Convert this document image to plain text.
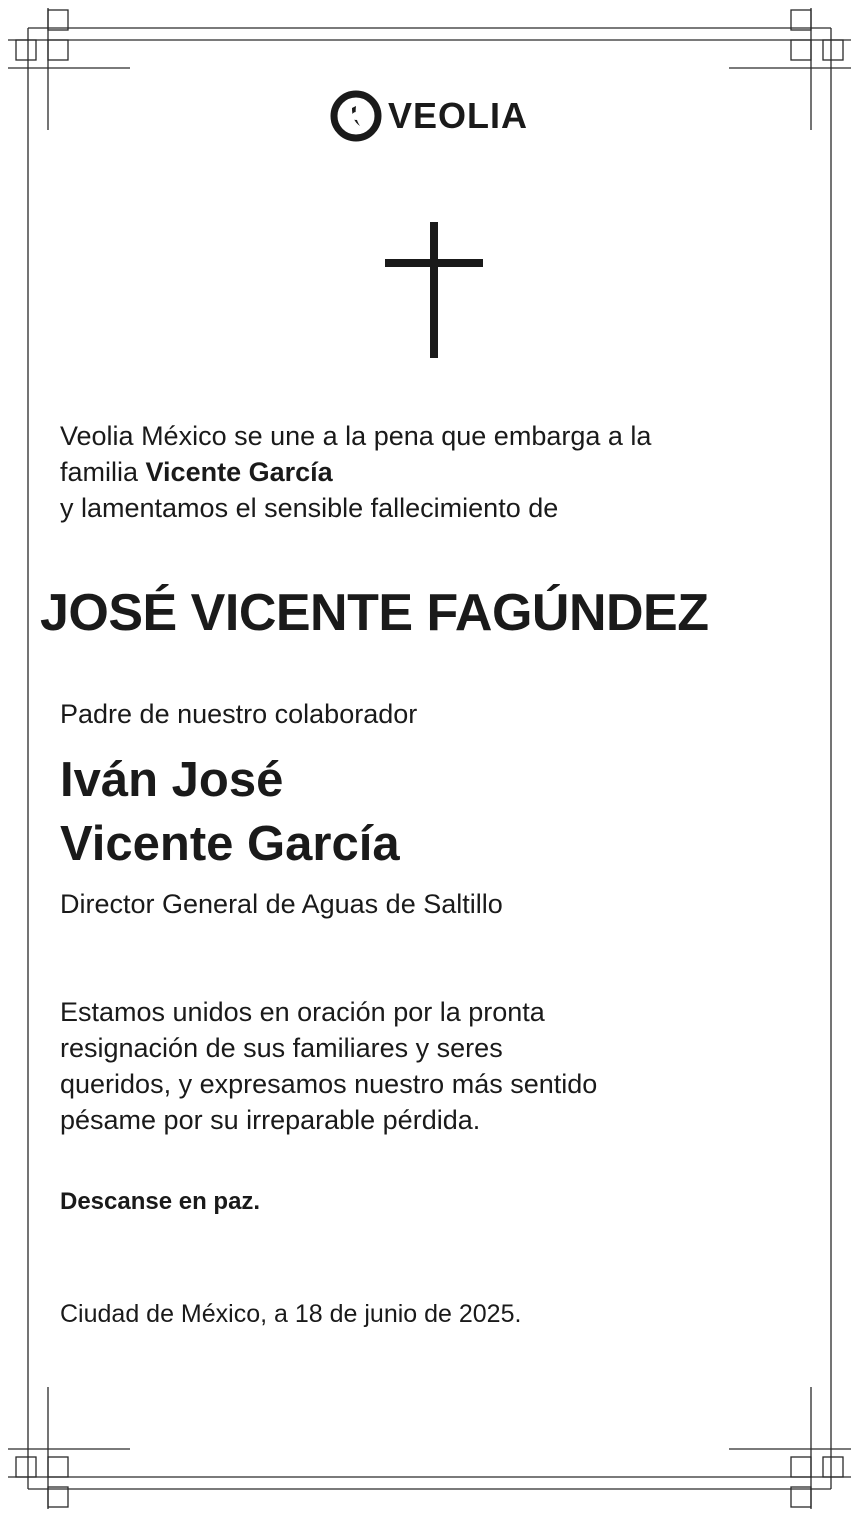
VEOLIA
Veolia México se une a la pena que embarga a la
familia Vicente García
y lamentamos el sensible fallecimiento de
JOSÉ VICENTE FAGÚNDEZ
Padre de nuestro colaborador
Iván José
Vicente García
Director General de Aguas de Saltillo
Estamos unidos en oración por la pronta
resignación de sus familiares y seres
queridos, y expresamos nuestro más sentido
pésame por su irreparable pérdida.
Descanse en paz.
Ciudad de México, a 18 de junio de 2025.
